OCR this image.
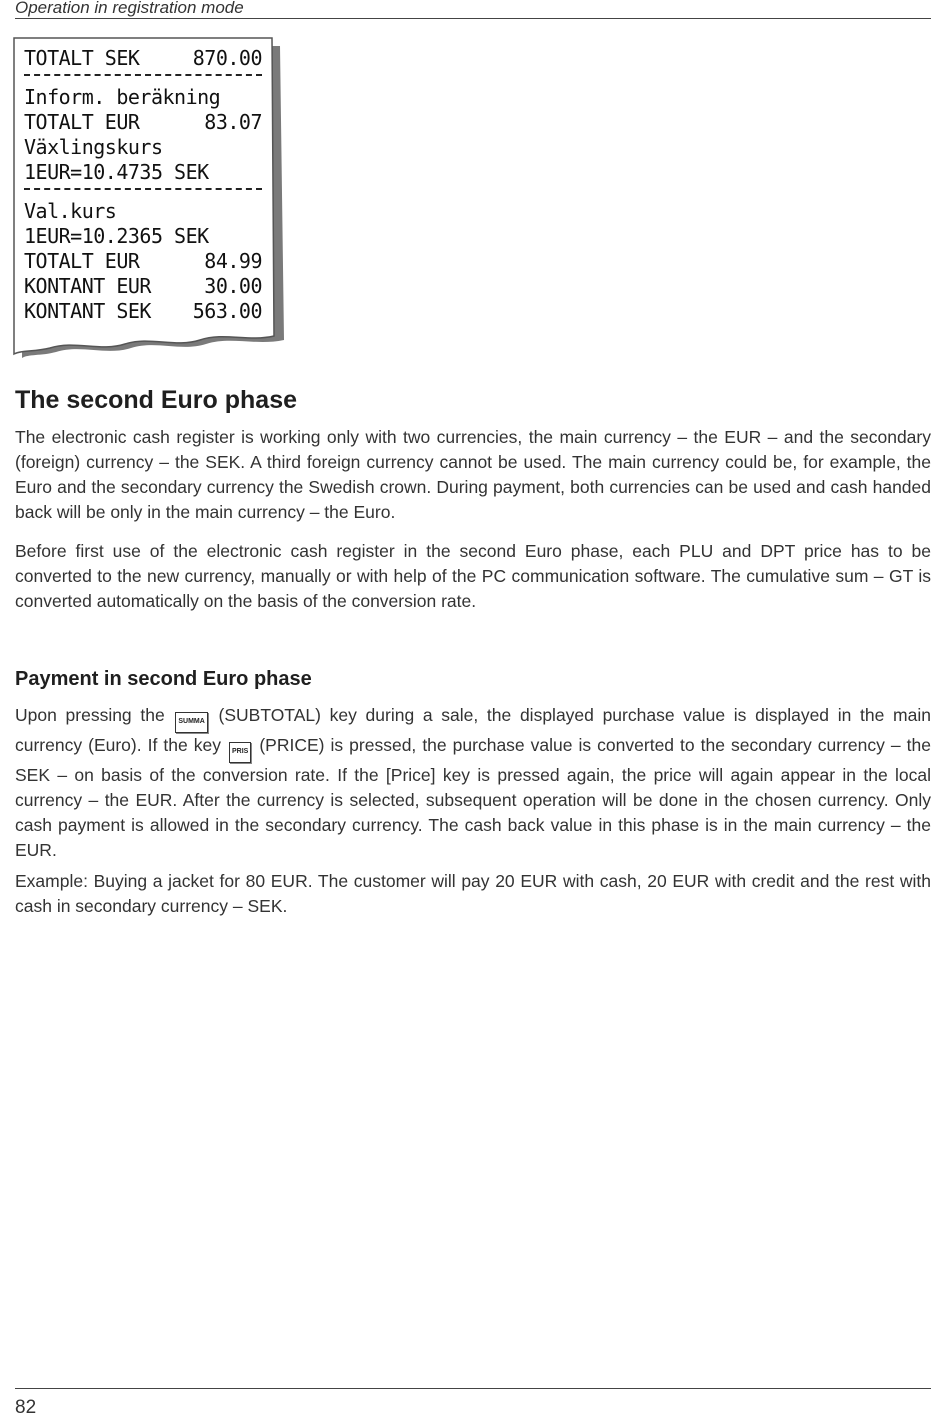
Operation in registration mode
TOTALT SEK	870.00
Inform. beräkning
TOTALT EUR	83.07
Växlingskurs
1EUR=10.4735 SEK
Val.kurs
1EUR=10.2365 SEK
TOTALT EUR	84.99
KONTANT EUR	30.00
KONTANT SEK 563.00
The second Euro phase

The electronic cash register is working only with two currencies, the main currency – the EUR – and the secondary (foreign) currency – the SEK. A third foreign currency cannot be used. The main currency could be, for example, the Euro and the secondary currency the Swedish crown. During payment, both currencies can be used and cash handed back will be only in the main currency – the Euro.

Before first use of the electronic cash register in the second Euro phase, each PLU and DPT price has to be converted to the new currency, manually or with help of the PC communication software. The cumulative sum – GT is converted automatically on the basis of the conversion rate.

Payment in second Euro phase

Upon pressing the SUMMA (SUBTOTAL) key during a sale, the displayed purchase value is displayed in the main currency (Euro). If the key PRIS (PRICE) is pressed, the purchase value is converted to the secondary currency – the SEK – on basis of the conversion rate. If the [Price] key is pressed again, the price will again appear in the local currency – the EUR. After the currency is selected, subsequent operation will be done in the chosen currency. Only cash payment is allowed in the secondary currency. The cash back value in this phase is in the main currency – the EUR.

Example: Buying a jacket for 80 EUR. The customer will pay 20 EUR with cash, 20 EUR with credit and the rest with cash in secondary currency – SEK.

82
